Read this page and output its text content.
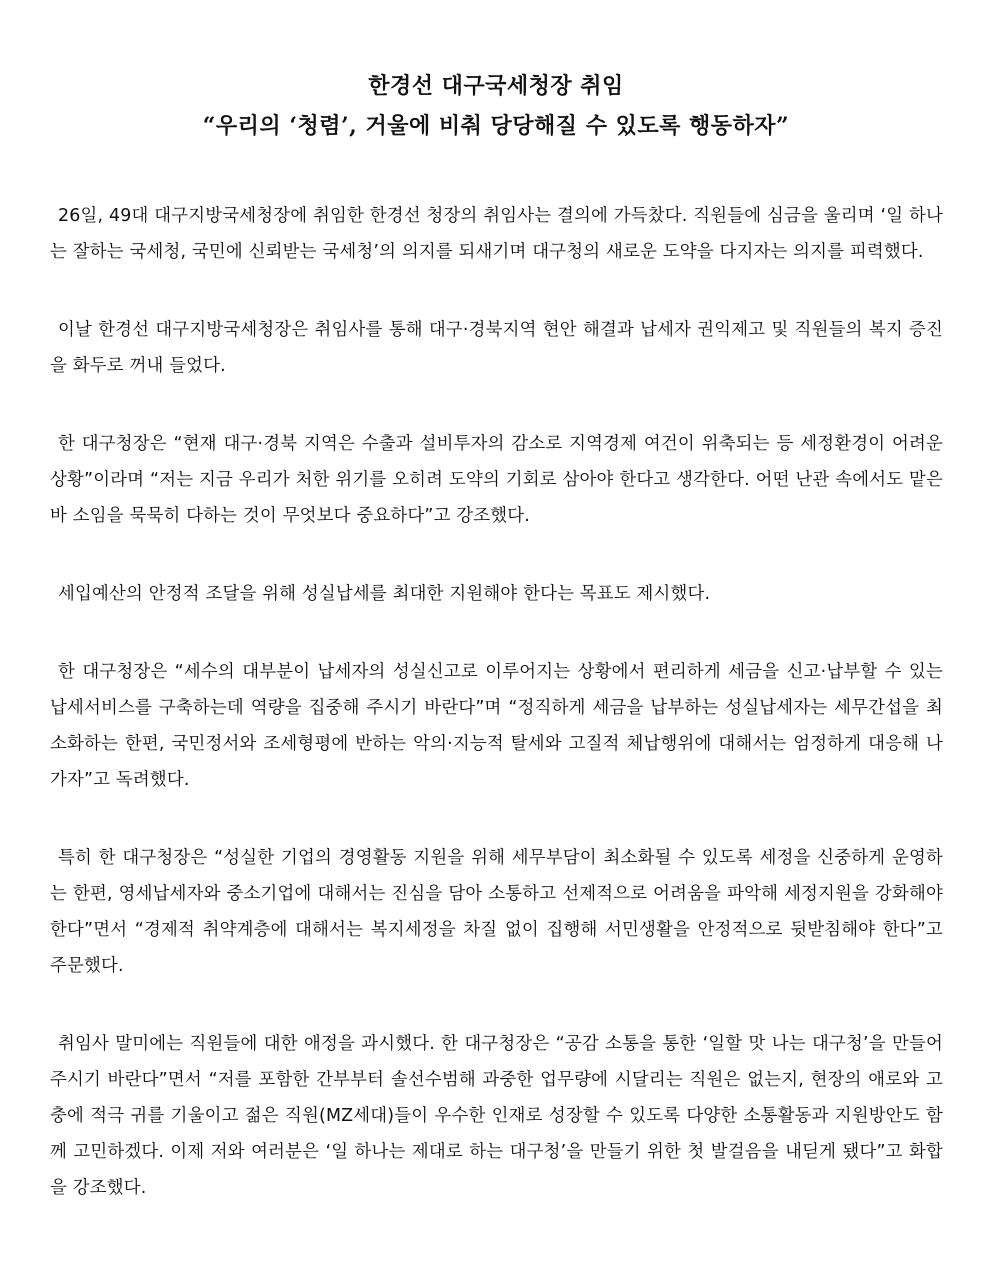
한경선 대구국세청장 취임
“우리의 ‘청렴’, 거울에 비춰 당당해질 수 있도록 행동하자”

26일, 49대 대구지방국세청장에 취임한 한경선 청장의 취임사는 결의에 가득찼다. 직원들에 심금을 울리며 ‘일 하나는 잘하는 국세청, 국민에 신뢰받는 국세청’의 의지를 되새기며 대구청의 새로운 도약을 다지자는 의지를 피력했다.

이날 한경선 대구지방국세청장은 취임사를 통해 대구·경북지역 현안 해결과 납세자 권익제고 및 직원들의 복지 증진을 화두로 꺼내 들었다.

한 대구청장은 “현재 대구·경북 지역은 수출과 설비투자의 감소로 지역경제 여건이 위축되는 등 세정환경이 어려운 상황”이라며 “저는 지금 우리가 처한 위기를 오히려 도약의 기회로 삼아야 한다고 생각한다. 어떤 난관 속에서도 맡은 바 소임을 묵묵히 다하는 것이 무엇보다 중요하다”고 강조했다.

세입예산의 안정적 조달을 위해 성실납세를 최대한 지원해야 한다는 목표도 제시했다.

한 대구청장은 “세수의 대부분이 납세자의 성실신고로 이루어지는 상황에서 편리하게 세금을 신고·납부할 수 있는 납세서비스를 구축하는데 역량을 집중해 주시기 바란다”며 “정직하게 세금을 납부하는 성실납세자는 세무간섭을 최소화하는 한편, 국민정서와 조세형평에 반하는 악의·지능적 탈세와 고질적 체납행위에 대해서는 엄정하게 대응해 나가자”고 독려했다.

특히 한 대구청장은 “성실한 기업의 경영활동 지원을 위해 세무부담이 최소화될 수 있도록 세정을 신중하게 운영하는 한편, 영세납세자와 중소기업에 대해서는 진심을 담아 소통하고 선제적으로 어려움을 파악해 세정지원을 강화해야 한다”면서 “경제적 취약계층에 대해서는 복지세정을 차질 없이 집행해 서민생활을 안정적으로 뒷받침해야 한다”고 주문했다.

취임사 말미에는 직원들에 대한 애정을 과시했다. 한 대구청장은 “공감 소통을 통한 ‘일할 맛 나는 대구청’을 만들어 주시기 바란다”면서 “저를 포함한 간부부터 솔선수범해 과중한 업무량에 시달리는 직원은 없는지, 현장의 애로와 고충에 적극 귀를 기울이고 젊은 직원(MZ세대)들이 우수한 인재로 성장할 수 있도록 다양한 소통활동과 지원방안도 함께 고민하겠다. 이제 저와 여러분은 ‘일 하나는 제대로 하는 대구청’을 만들기 위한 첫 발걸음을 내딛게 됐다”고 화합을 강조했다.
